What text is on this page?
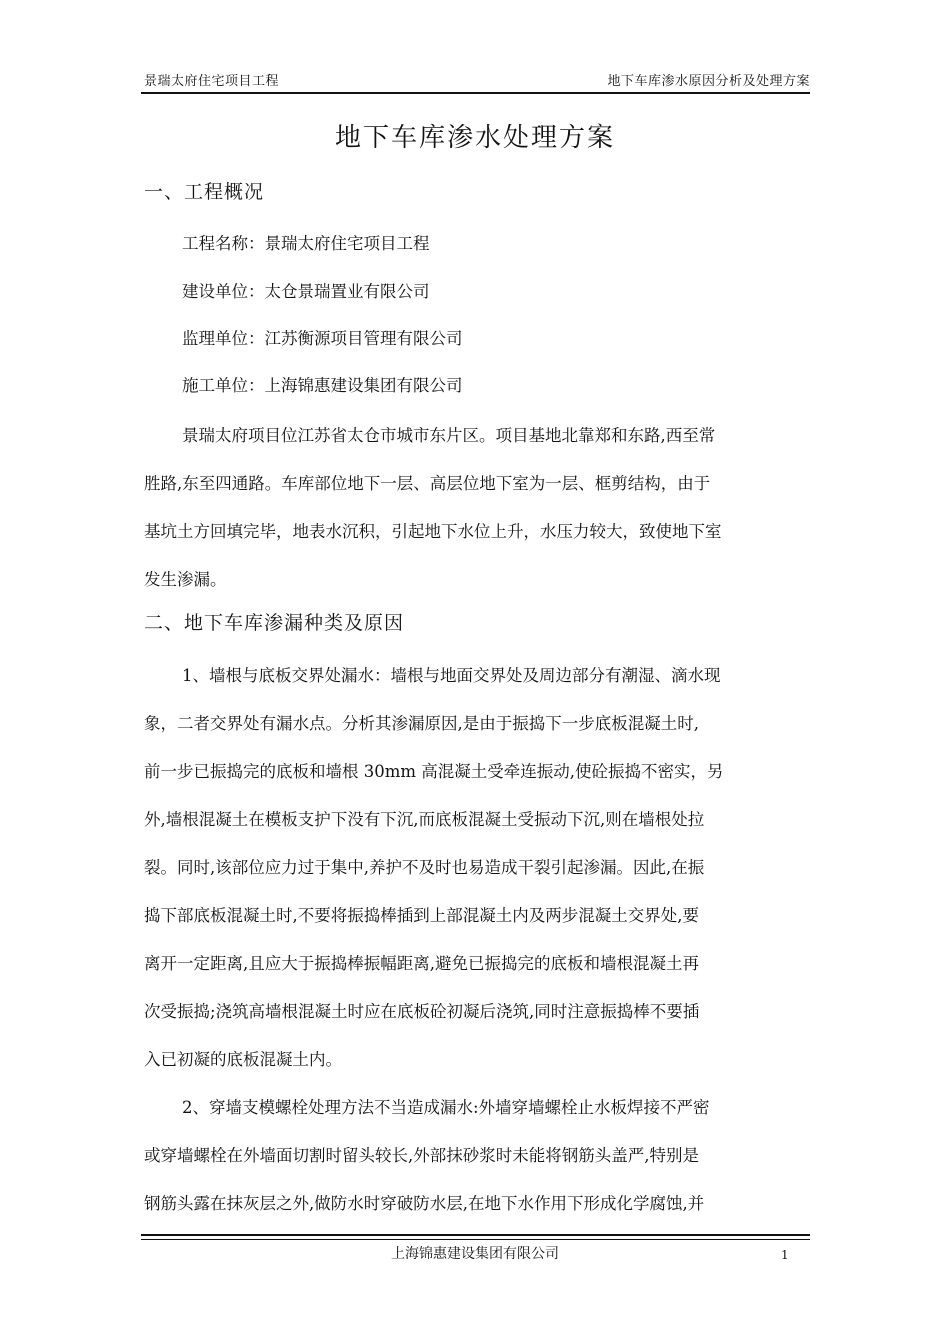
景瑞太府住宅项目工程	地下车库渗水原因分析及处理方案
地下车库渗水处理方案
一、工程概况
工程名称：景瑞太府住宅项目工程
建设单位：太仓景瑞置业有限公司
监理单位：江苏衡源项目管理有限公司
施工单位：上海锦惠建设集团有限公司
景瑞太府项目位江苏省太仓市城市东片区。项目基地北靠郑和东路,西至常
胜路,东至四通路。车库部位地下一层、高层位地下室为一层、框剪结构，由于
基坑土方回填完毕，地表水沉积，引起地下水位上升，水压力较大，致使地下室
发生渗漏。
二、地下车库渗漏种类及原因
1、墙根与底板交界处漏水：墙根与地面交界处及周边部分有潮湿、滴水现
象，二者交界处有漏水点。分析其渗漏原因,是由于振捣下一步底板混凝土时,
前一步已振捣完的底板和墙根 30mm 高混凝土受牵连振动,使砼振捣不密实，另
外,墙根混凝土在模板支护下没有下沉,而底板混凝土受振动下沉,则在墙根处拉
裂。同时,该部位应力过于集中,养护不及时也易造成干裂引起渗漏。因此,在振
捣下部底板混凝土时,不要将振捣棒插到上部混凝土内及两步混凝土交界处,要
离开一定距离,且应大于振捣棒振幅距离,避免已振捣完的底板和墙根混凝土再
次受振捣;浇筑高墙根混凝土时应在底板砼初凝后浇筑,同时注意振捣棒不要插
入已初凝的底板混凝土内。
2、穿墙支模螺栓处理方法不当造成漏水:外墙穿墙螺栓止水板焊接不严密
或穿墙螺栓在外墙面切割时留头较长,外部抹砂浆时未能将钢筋头盖严,特别是
钢筋头露在抹灰层之外,做防水时穿破防水层,在地下水作用下形成化学腐蚀,并
上海锦惠建设集团有限公司	1
